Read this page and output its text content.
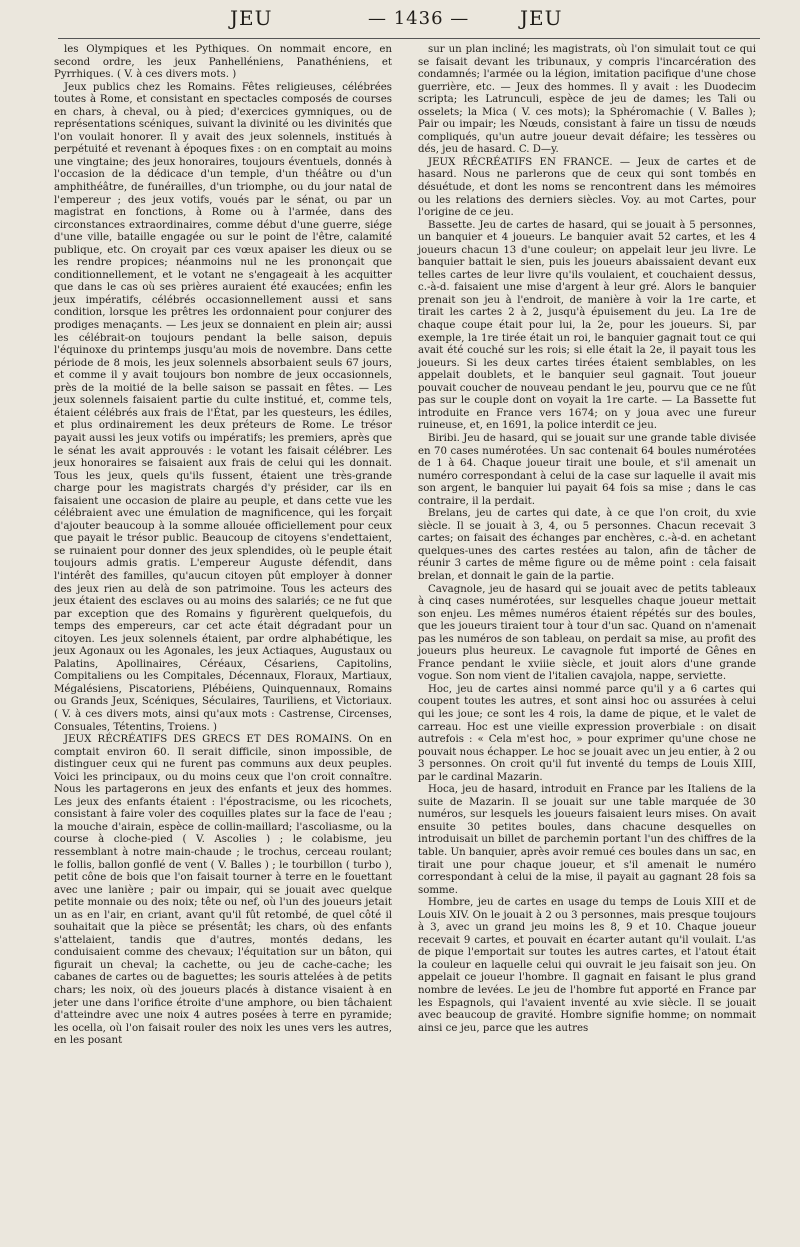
JEU	— 1436 —	JEU

les Olympiques et les Pythiques. On nommait encore, en second ordre, les jeux Panhelléniens, Panathéniens, et Pyrrhiques. ( V. à ces divers mots. )

Jeux publics chez les Romains. Fêtes religieuses, célébrées toutes à Rome, et consistant en spectacles composés de courses en chars, à cheval, ou à pied; d'exercices gymniques, ou de représentations scéniques, suivant la divinité ou les divinités que l'on voulait honorer. Il y avait des jeux solennels, institués à perpétuité et revenant à époques fixes : on en comptait au moins une vingtaine; des jeux honoraires, toujours éventuels, donnés à l'occasion de la dédicace d'un temple, d'un théâtre ou d'un amphithéâtre, de funérailles, d'un triomphe, ou du jour natal de l'empereur ; des jeux votifs, voués par le sénat, ou par un magistrat en fonctions, à Rome ou à l'armée, dans des circonstances extraordinaires, comme début d'une guerre, siége d'une ville, bataille engagée ou sur le point de l'être, calamité publique, etc. On croyait par ces vœux apaiser les dieux ou se les rendre propices; néanmoins nul ne les prononçait que conditionnellement, et le votant ne s'engageait à les acquitter que dans le cas où ses prières auraient été exaucées; enfin les jeux impératifs, célébrés occasionnellement aussi et sans condition, lorsque les prêtres les ordonnaient pour conjurer des prodiges menaçants. — Les jeux se donnaient en plein air; aussi les célébrait-on toujours pendant la belle saison, depuis l'équinoxe du printemps jusqu'au mois de novembre. Dans cette période de 8 mois, les jeux solennels absorbaient seuls 67 jours, et comme il y avait toujours bon nombre de jeux occasionnels, près de la moitié de la belle saison se passait en fêtes. — Les jeux solennels faisaient partie du culte institué, et, comme tels, étaient célébrés aux frais de l'État, par les questeurs, les édiles, et plus ordinairement les deux préteurs de Rome. Le trésor payait aussi les jeux votifs ou impératifs; les premiers, après que le sénat les avait approuvés : le votant les faisait célébrer. Les jeux honoraires se faisaient aux frais de celui qui les donnait. Tous les jeux, quels qu'ils fussent, étaient une très-grande charge pour les magistrats chargés d'y présider, car ils en faisaient une occasion de plaire au peuple, et dans cette vue les célébraient avec une émulation de magnificence, qui les forçait d'ajouter beaucoup à la somme allouée officiellement pour ceux que payait le trésor public. Beaucoup de citoyens s'endettaient, se ruinaient pour donner des jeux splendides, où le peuple était toujours admis gratis. L'empereur Auguste défendit, dans l'intérêt des familles, qu'aucun citoyen pût employer à donner des jeux rien au delà de son patrimoine. Tous les acteurs des jeux étaient des esclaves ou au moins des salariés; ce ne fut que par exception que des Romains y figurèrent quelquefois, du temps des empereurs, car cet acte était dégradant pour un citoyen. Les jeux solennels étaient, par ordre alphabétique, les jeux Agonaux ou les Agonales, les jeux Actiaques, Augustaux ou Palatins, Apollinaires, Céréaux, Césariens, Capitolins, Compitaliens ou les Compitales, Décennaux, Floraux, Martiaux, Mégalésiens, Piscatoriens, Plébéiens, Quinquennaux, Romains ou Grands Jeux, Scéniques, Séculaires, Tauriliens, et Victoriaux. ( V. à ces divers mots, ainsi qu'aux mots : Castrense, Circenses, Consuales, Tétentins, Troiens. )

JEUX RÉCRÉATIFS DES GRECS ET DES ROMAINS. On en comptait environ 60. Il serait difficile, sinon impossible, de distinguer ceux qui ne furent pas communs aux deux peuples. Voici les principaux, ou du moins ceux que l'on croit connaître. Nous les partagerons en jeux des enfants et jeux des hommes. Les jeux des enfants étaient : l'épostracisme, ou les ricochets, consistant à faire voler des coquilles plates sur la face de l'eau ; la mouche d'airain, espèce de collin-maillard; l'ascoliasme, ou la course à cloche-pied ( V. Ascolies ) ; le colabisme, jeu ressemblant à notre main-chaude ; le trochus, cerceau roulant; le follis, ballon gonflé de vent ( V. Balles ) ; le tourbillon ( turbo ), petit cône de bois que l'on faisait tourner à terre en le fouettant avec une lanière ; pair ou impair, qui se jouait avec quelque petite monnaie ou des noix; tête ou nef, où l'un des joueurs jetait un as en l'air, en criant, avant qu'il fût retombé, de quel côté il souhaitait que la pièce se présentât; les chars, où des enfants s'attelaient, tandis que d'autres, montés dedans, les conduisaient comme des chevaux; l'équitation sur un bâton, qui figurait un cheval; la cachette, ou jeu de cache-cache; les cabanes de cartes ou de baguettes; les souris attelées à de petits chars; les noix, où des joueurs placés à distance visaient à en jeter une dans l'orifice étroite d'une amphore, ou bien tâchaient d'atteindre avec une noix 4 autres posées à terre en pyramide; les ocella, où l'on faisait rouler des noix les unes vers les autres, en les posant

sur un plan incliné; les magistrats, où l'on simulait tout ce qui se faisait devant les tribunaux, y compris l'incarcération des condamnés; l'armée ou la légion, imitation pacifique d'une chose guerrière, etc. — Jeux des hommes. Il y avait : les Duodecim scripta; les Latrunculi, espèce de jeu de dames; les Tali ou osselets; la Mica ( V. ces mots); la Sphéromachie ( V. Balles ); Pair ou impair; les Nœuds, consistant à faire un tissu de nœuds compliqués, qu'un autre joueur devait défaire; les tessères ou dés, jeu de hasard. C. D—y.

JEUX RÉCRÉATIFS EN FRANCE. — Jeux de cartes et de hasard. Nous ne parlerons que de ceux qui sont tombés en désuétude, et dont les noms se rencontrent dans les mémoires ou les relations des derniers siècles. Voy. au mot Cartes, pour l'origine de ce jeu.

Bassette. Jeu de cartes de hasard, qui se jouait à 5 personnes, un banquier et 4 joueurs. Le banquier avait 52 cartes, et les 4 joueurs chacun 13 d'une couleur; on appelait leur jeu livre. Le banquier battait le sien, puis les joueurs abaissaient devant eux telles cartes de leur livre qu'ils voulaient, et couchaient dessus, c.-à-d. faisaient une mise d'argent à leur gré. Alors le banquier prenait son jeu à l'endroit, de manière à voir la 1re carte, et tirait les cartes 2 à 2, jusqu'à épuisement du jeu. La 1re de chaque coupe était pour lui, la 2e, pour les joueurs. Si, par exemple, la 1re tirée était un roi, le banquier gagnait tout ce qui avait été couché sur les rois; si elle était la 2e, il payait tous les joueurs. Si les deux cartes tirées étaient semblables, on les appelait doublets, et le banquier seul gagnait. Tout joueur pouvait coucher de nouveau pendant le jeu, pourvu que ce ne fût pas sur le couple dont on voyait la 1re carte. — La Bassette fut introduite en France vers 1674; on y joua avec une fureur ruineuse, et, en 1691, la police interdit ce jeu.

Biribi. Jeu de hasard, qui se jouait sur une grande table divisée en 70 cases numérotées. Un sac contenait 64 boules numérotées de 1 à 64. Chaque joueur tirait une boule, et s'il amenait un numéro correspondant à celui de la case sur laquelle il avait mis son argent, le banquier lui payait 64 fois sa mise ; dans le cas contraire, il la perdait.

Brelans, jeu de cartes qui date, à ce que l'on croit, du xvie siècle. Il se jouait à 3, 4, ou 5 personnes. Chacun recevait 3 cartes; on faisait des échanges par enchères, c.-à-d. en achetant quelques-unes des cartes restées au talon, afin de tâcher de réunir 3 cartes de même figure ou de même point : cela faisait brelan, et donnait le gain de la partie.

Cavagnole, jeu de hasard qui se jouait avec de petits tableaux à cinq cases numérotées, sur lesquelles chaque joueur mettait son enjeu. Les mêmes numéros étaient répétés sur des boules, que les joueurs tiraient tour à tour d'un sac. Quand on n'amenait pas les numéros de son tableau, on perdait sa mise, au profit des joueurs plus heureux. Le cavagnole fut importé de Gênes en France pendant le xviiie siècle, et jouit alors d'une grande vogue. Son nom vient de l'italien cavajola, nappe, serviette.

Hoc, jeu de cartes ainsi nommé parce qu'il y a 6 cartes qui coupent toutes les autres, et sont ainsi hoc ou assurées à celui qui les joue; ce sont les 4 rois, la dame de pique, et le valet de carreau. Hoc est une vieille expression proverbiale : on disait autrefois : « Cela m'est hoc, » pour exprimer qu'une chose ne pouvait nous échapper. Le hoc se jouait avec un jeu entier, à 2 ou 3 personnes. On croit qu'il fut inventé du temps de Louis XIII, par le cardinal Mazarin.

Hoca, jeu de hasard, introduit en France par les Italiens de la suite de Mazarin. Il se jouait sur une table marquée de 30 numéros, sur lesquels les joueurs faisaient leurs mises. On avait ensuite 30 petites boules, dans chacune desquelles on introduisait un billet de parchemin portant l'un des chiffres de la table. Un banquier, après avoir remué ces boules dans un sac, en tirait une pour chaque joueur, et s'il amenait le numéro correspondant à celui de la mise, il payait au gagnant 28 fois sa somme.

Hombre, jeu de cartes en usage du temps de Louis XIII et de Louis XIV. On le jouait à 2 ou 3 personnes, mais presque toujours à 3, avec un grand jeu moins les 8, 9 et 10. Chaque joueur recevait 9 cartes, et pouvait en écarter autant qu'il voulait. L'as de pique l'emportait sur toutes les autres cartes, et l'atout était la couleur en laquelle celui qui ouvrait le jeu faisait son jeu. On appelait ce joueur l'hombre. Il gagnait en faisant le plus grand nombre de levées. Le jeu de l'hombre fut apporté en France par les Espagnols, qui l'avaient inventé au xvie siècle. Il se jouait avec beaucoup de gravité. Hombre signifie homme; on nommait ainsi ce jeu, parce que les autres
